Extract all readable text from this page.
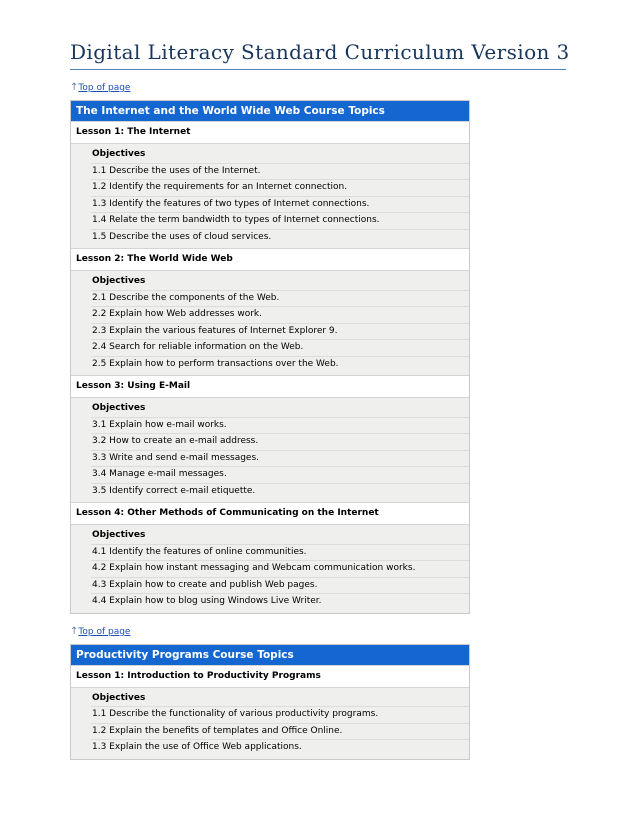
Digital Literacy Standard Curriculum Version 3
↑Top of page
The Internet and the World Wide Web Course Topics
Lesson 1: The Internet
Objectives
1.1 Describe the uses of the Internet.
1.2 Identify the requirements for an Internet connection.
1.3 Identify the features of two types of Internet connections.
1.4 Relate the term bandwidth to types of Internet connections.
1.5 Describe the uses of cloud services.
Lesson 2: The World Wide Web
Objectives
2.1 Describe the components of the Web.
2.2 Explain how Web addresses work.
2.3 Explain the various features of Internet Explorer 9.
2.4 Search for reliable information on the Web.
2.5 Explain how to perform transactions over the Web.
Lesson 3: Using E-Mail
Objectives
3.1 Explain how e-mail works.
3.2 How to create an e-mail address.
3.3 Write and send e-mail messages.
3.4 Manage e-mail messages.
3.5 Identify correct e-mail etiquette.
Lesson 4: Other Methods of Communicating on the Internet
Objectives
4.1 Identify the features of online communities.
4.2 Explain how instant messaging and Webcam communication works.
4.3 Explain how to create and publish Web pages.
4.4 Explain how to blog using Windows Live Writer.
↑Top of page
Productivity Programs Course Topics
Lesson 1: Introduction to Productivity Programs
Objectives
1.1 Describe the functionality of various productivity programs.
1.2 Explain the benefits of templates and Office Online.
1.3 Explain the use of Office Web applications.
